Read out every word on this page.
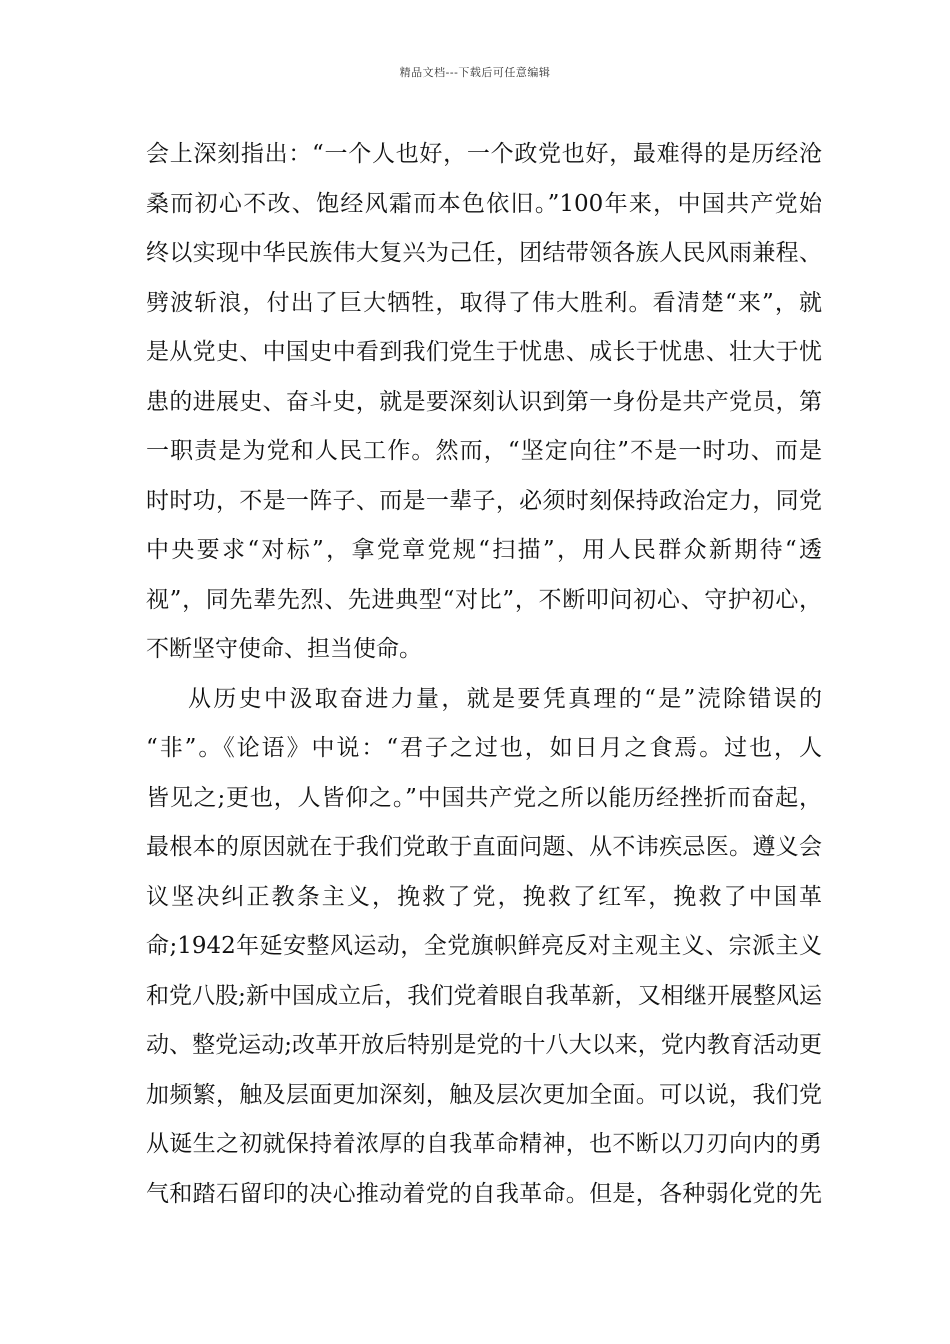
精品文档---下载后可任意编辑
会上深刻指出：“一个人也好，一个政党也好，最难得的是历经沧
桑而初心不改、饱经风霜而本色依旧。”100年来，中国共产党始
终以实现中华民族伟大复兴为己任，团结带领各族人民风雨兼程、
劈波斩浪，付出了巨大牺牲，取得了伟大胜利。看清楚“来”，就
是从党史、中国史中看到我们党生于忧患、成长于忧患、壮大于忧
患的进展史、奋斗史，就是要深刻认识到第一身份是共产党员，第
一职责是为党和人民工作。然而，“坚定向往”不是一时功、而是
时时功，不是一阵子、而是一辈子，必须时刻保持政治定力，同党
中央要求“对标”，拿党章党规“扫描”，用人民群众新期待“透
视”，同先辈先烈、先进典型“对比”，不断叩问初心、守护初心，
不断坚守使命、担当使命。
从历史中汲取奋进力量，就是要凭真理的“是”涜除错误的
“非”。《论语》中说：“君子之过也，如日月之食焉。过也，人
皆见之;更也，人皆仰之。”中国共产党之所以能历经挫折而奋起，
最根本的原因就在于我们党敢于直面问题、从不讳疾忌医。遵义会
议坚决纠正教条主义，挽救了党，挽救了红军，挽救了中国革
命;1942年延安整风运动，全党旗帜鲜亮反对主观主义、宗派主义
和党八股;新中国成立后，我们党着眼自我革新，又相继开展整风运
动、整党运动;改革开放后特别是党的十八大以来，党内教育活动更
加频繁，触及层面更加深刻，触及层次更加全面。可以说，我们党
从诞生之初就保持着浓厚的自我革命精神，也不断以刀刃向内的勇
气和踏石留印的决心推动着党的自我革命。但是，各种弱化党的先
